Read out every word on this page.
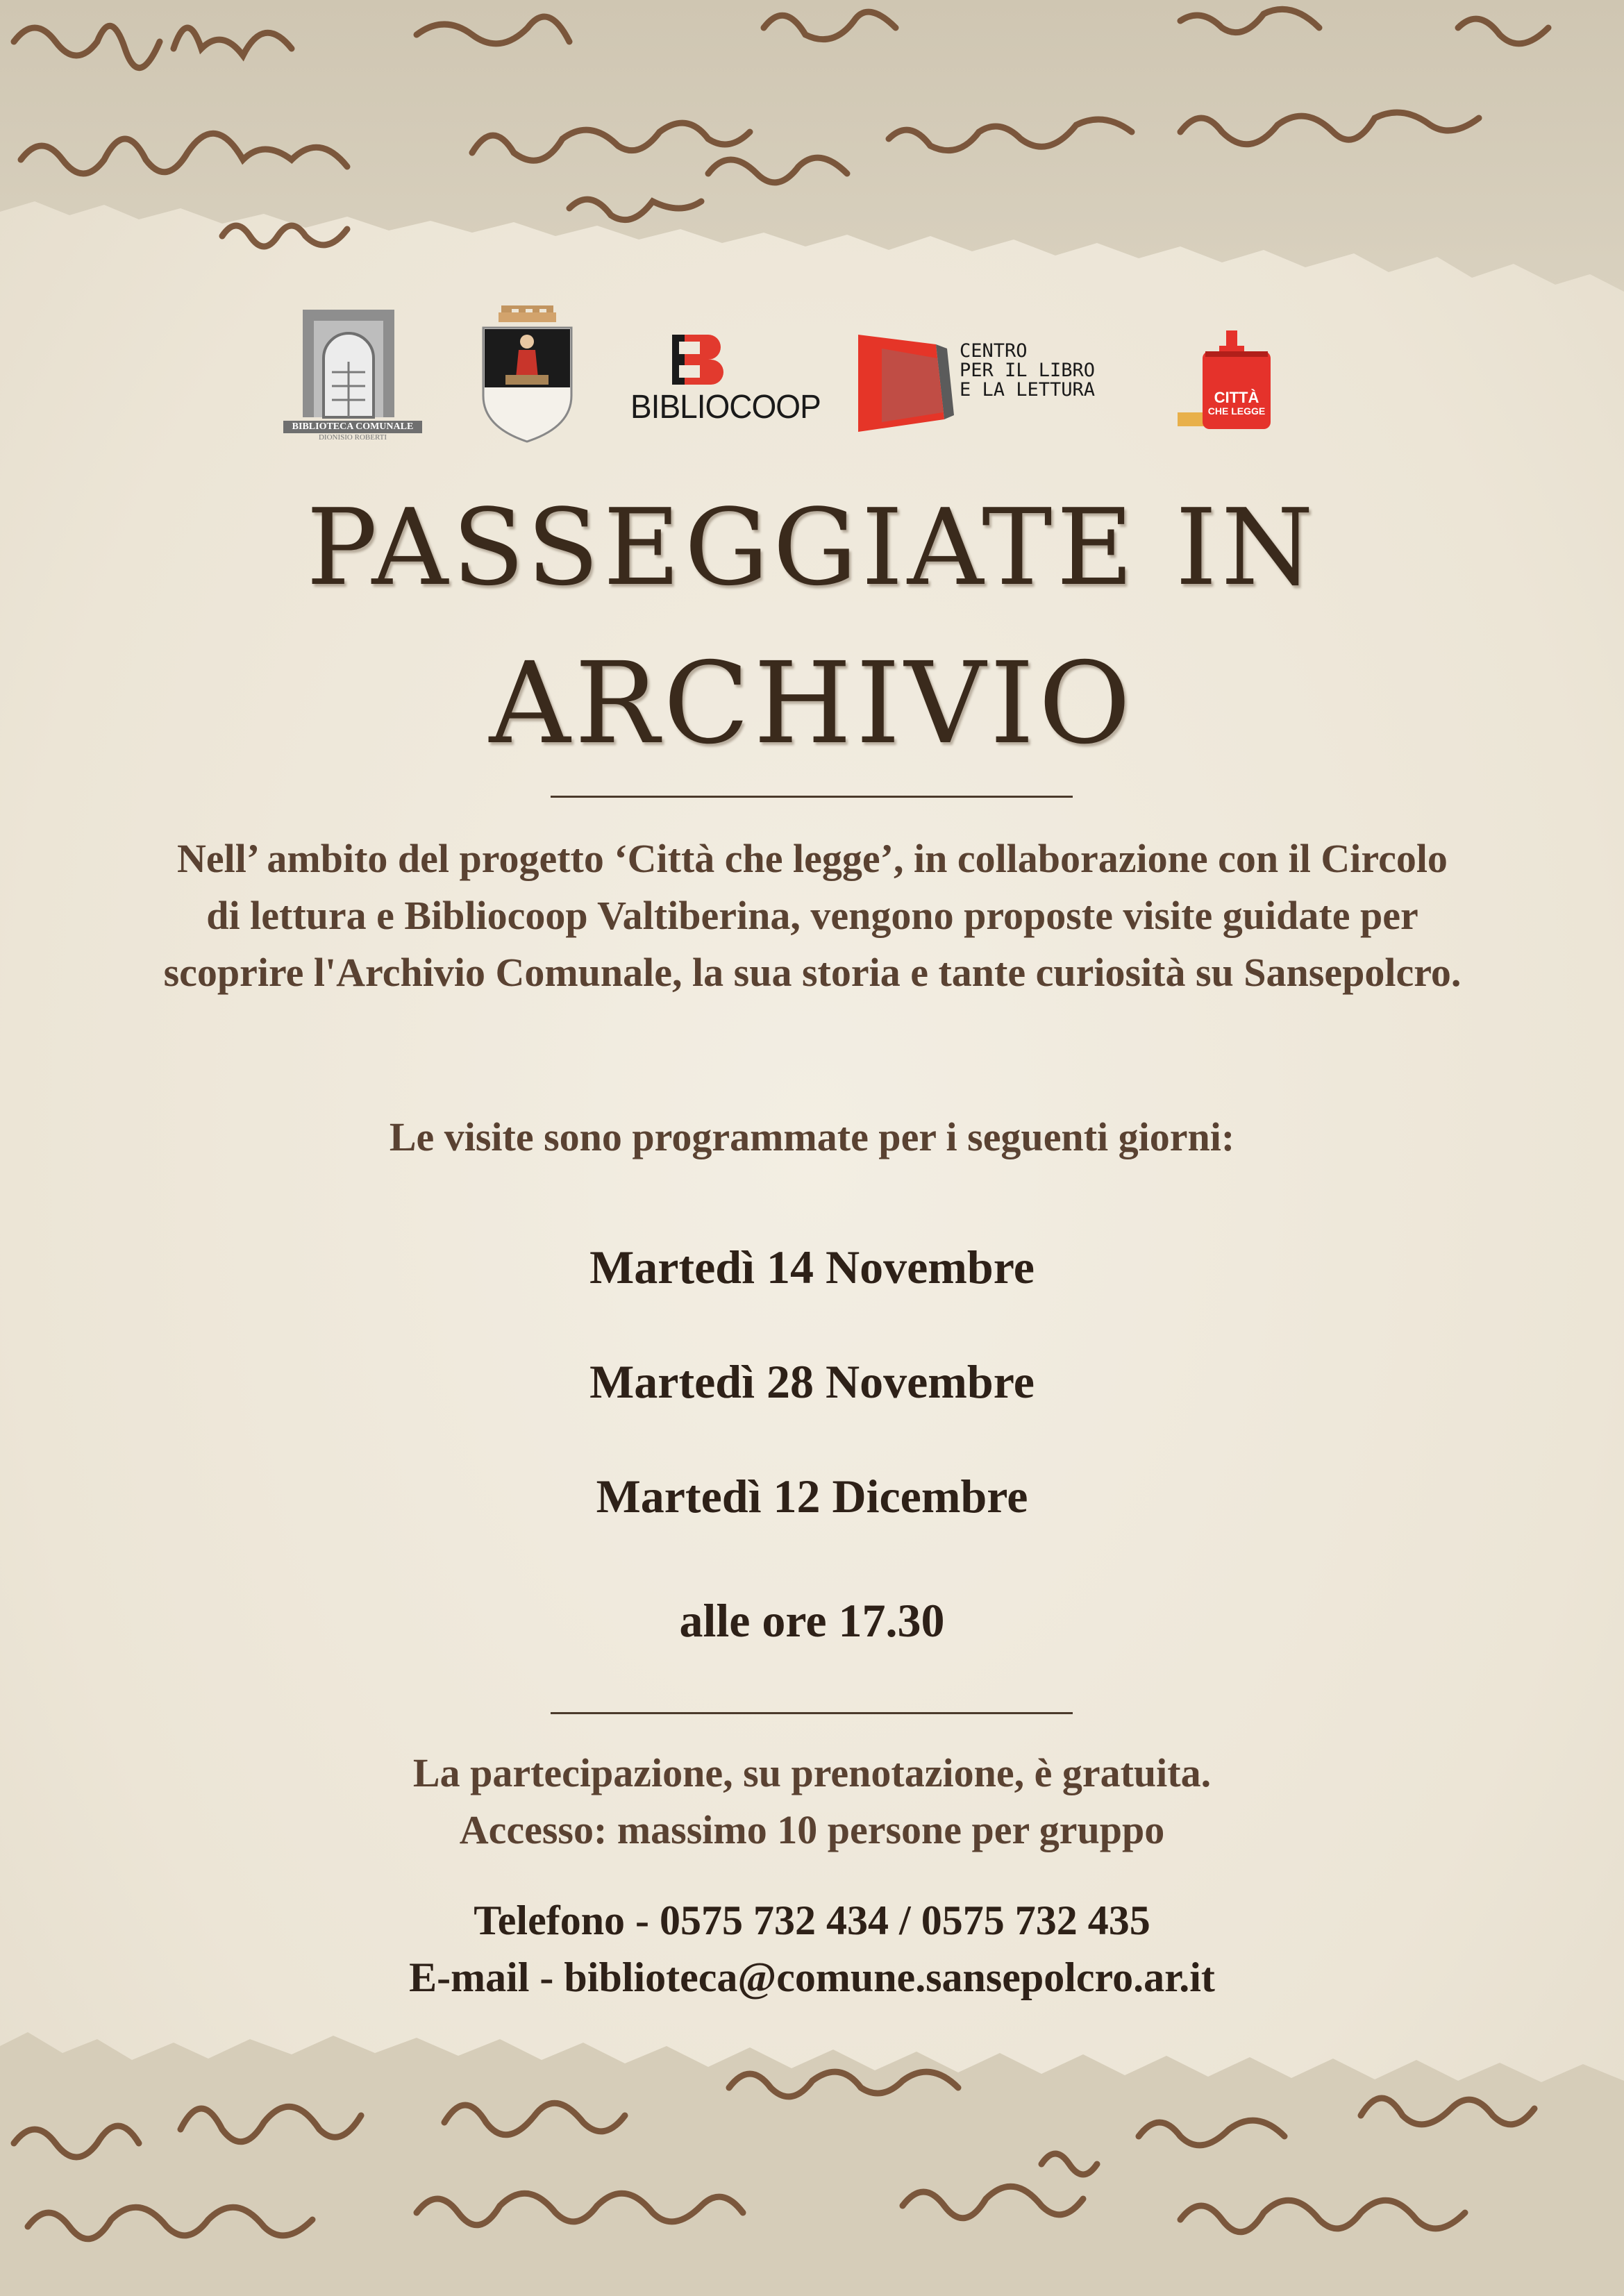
BIBLIOTECA COMUNALE
DIONISIO ROBERTI
BIBLIOCOOP
CENTRO
PER IL LIBRO
E LA LETTURA	CITTÀ
CHE LEGGE
PASSEGGIATE IN
ARCHIVIO
Nell’ ambito del progetto ‘Città che legge’, in collaborazione con il Circolo di lettura e Bibliocoop Valtiberina, vengono proposte visite guidate per scoprire l'Archivio Comunale, la sua storia e tante curiosità su Sansepolcro.
Le visite sono programmate per i seguenti giorni:
Martedì 14 Novembre
Martedì 28 Novembre
Martedì 12 Dicembre
alle ore 17.30
La partecipazione, su prenotazione, è gratuita.
Accesso: massimo 10 persone per gruppo
Telefono - 0575 732 434 / 0575 732 435
E-mail - biblioteca@comune.sansepolcro.ar.it
